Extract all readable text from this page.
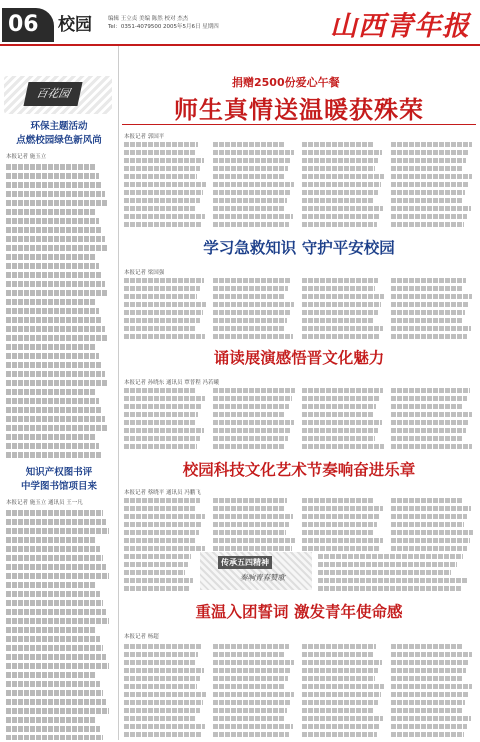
06	校园	编辑 王立贞 美编 陈然 校对 杰杰
Tel：0351-4079500 2005年5月6日 星期四	山西青年报
百花园
环保主题活动
点燃校园绿色新风尚
本报记者 施玉立
知识产权图书评
中学图书馆项目来
本报记者 施玉立 通讯员 王一凡
捐赠2500份爱心午餐
师生真情送温暖获殊荣
本报记者 郭国平
学习急救知识 守护平安校园
本报记者 梁国强
诵读展演感悟晋文化魅力
本报记者 孙晓东 通讯员 覃普程 冯若曦
校园科技文化艺术节奏响奋进乐章
本报记者 蔡晓平 通讯员 冯鹏飞
传承五四精神
奏响青春赞歌
重温入团誓词 激发青年使命感
本报记者 杨超
